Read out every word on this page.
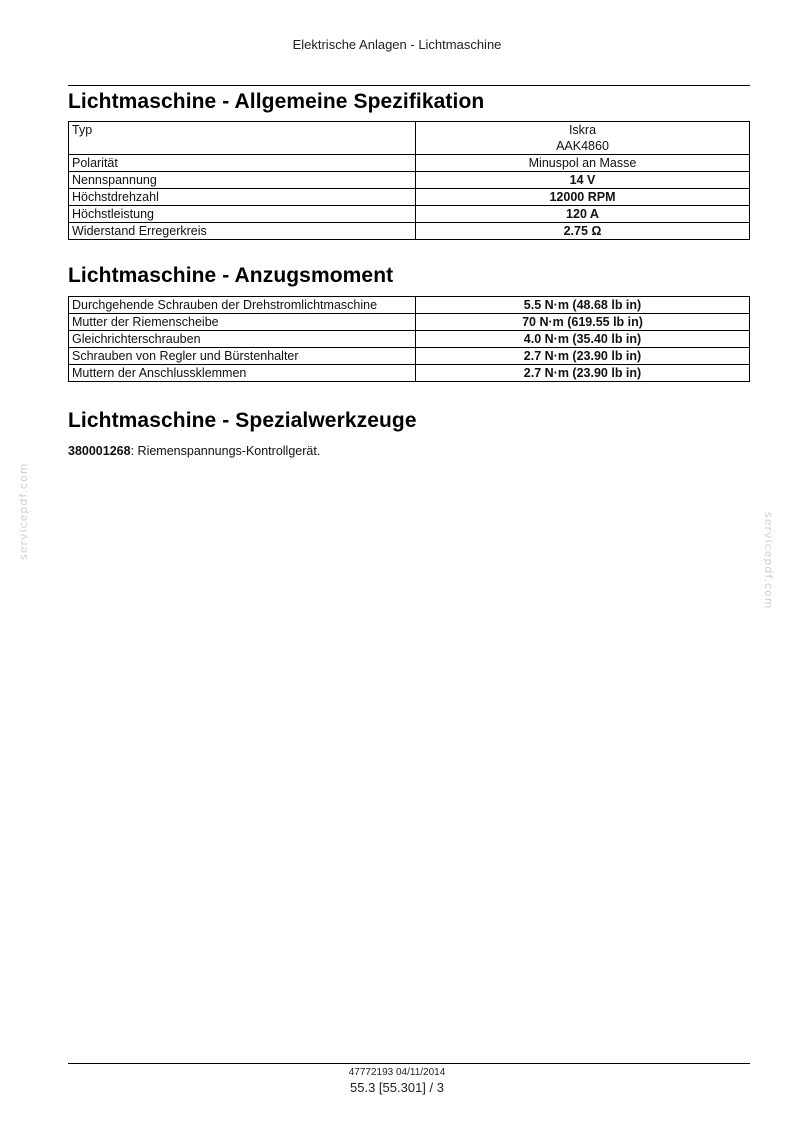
Elektrische Anlagen - Lichtmaschine
Lichtmaschine - Allgemeine Spezifikation
Typ	Iskra
AAK4860

Polarität	Minuspol an Masse
Nennspannung	14 V
Höchstdrehzahl	12000 RPM
Höchstleistung	120 A
Widerstand Erregerkreis	2.75 Ω
Lichtmaschine - Anzugsmoment
Durchgehende Schrauben der Drehstromlichtmaschine	5.5 N·m (48.68 lb in)
Mutter der Riemenscheibe	70 N·m (619.55 lb in)
Gleichrichterschrauben	4.0 N·m (35.40 lb in)
Schrauben von Regler und Bürstenhalter	2.7 N·m (23.90 lb in)
Muttern der Anschlussklemmen	2.7 N·m (23.90 lb in)
Lichtmaschine - Spezialwerkzeuge
380001268: Riemenspannungs-Kontrollgerät.
servicepdf.com
servicepdf.com
47772193 04/11/2014
55.3 [55.301] / 3
